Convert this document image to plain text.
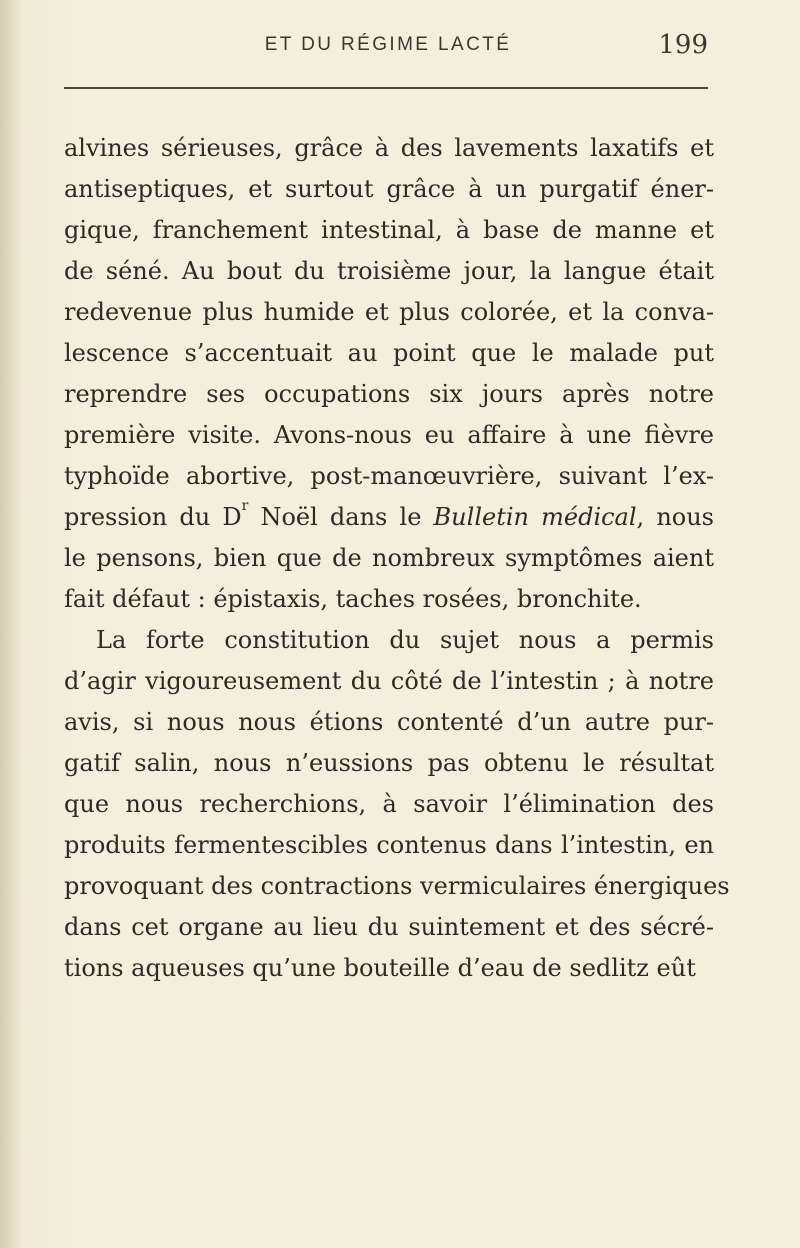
ET DU RÉGIME LACTÉ	199
alvines sérieuses, grâce à des lavements laxatifs et
antiseptiques, et surtout grâce à un purgatif éner-
gique, franchement intestinal, à base de manne et
de séné. Au bout du troisième jour, la langue était
redevenue plus humide et plus colorée, et la conva-
lescence s’accentuait au point que le malade put
reprendre ses occupations six jours après notre
première visite. Avons-nous eu affaire à une fièvre
typhoïde abortive, post-manœuvrière, suivant l’ex-
pression du $D^r$ Noël dans le Bulletin médical, nous
le pensons, bien que de nombreux symptômes aient
fait défaut : épistaxis, taches rosées, bronchite.
La forte constitution du sujet nous a permis
d’agir vigoureusement du côté de l’intestin ; à notre
avis, si nous nous étions contenté d’un autre pur-
gatif salin, nous n’eussions pas obtenu le résultat
que nous recherchions, à savoir l’élimination des
produits fermentescibles contenus dans l’intestin, en
provoquant des contractions vermiculaires énergiques
dans cet organe au lieu du suintement et des sécré-
tions aqueuses qu’une bouteille d’eau de sedlitz eût
